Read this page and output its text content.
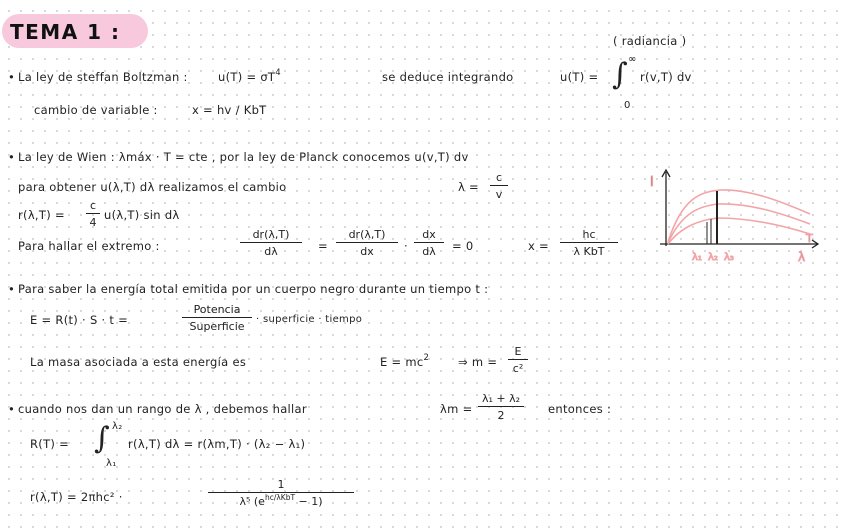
TEMA 1 :	( radiancia )
• La ley de steffan Boltzman :	$u(T) = \sigma T^4$	se deduce integrando	u(T) = ∫ ∞
0
r(v,T) dv
cambio de variable :	x = hv / KbT
• La ley de Wien : λmáx · T = cte , por la ley de Planck conocemos u(v,T) dv
para obtener u(λ,T) dλ realizamos el cambio	λ =
c
v
r(λ,T) =
c
4
u(λ,T) sin dλ
Para hallar el extremo :
dr(λ,T)
dλ	=
dr(λ,T)
dx	·
dx
dλ	= 0	x =
hc
λ KbT
I
λ
T
λ₁ λ₂ λ₃
• Para saber la energía total emitida por un cuerpo negro durante un tiempo t :
E = R(t) · S · t =
Potencia
Superficie
· superficie · tiempo
La masa asociada a esta energía es	$E = mc^2$ ⇒ m =
E
c²
• cuando nos dan un rango de λ , debemos hallar	λm =
λ₁ + λ₂
2	entonces :
R(T) = ∫ λ₂
λ₁
r(λ,T) dλ = r(λm,T) · (λ₂ − λ₁)
r(λ,T) = 2πhc² ·
1
λ⁵ $(e^{hc/\lambda KbT} - 1)$
